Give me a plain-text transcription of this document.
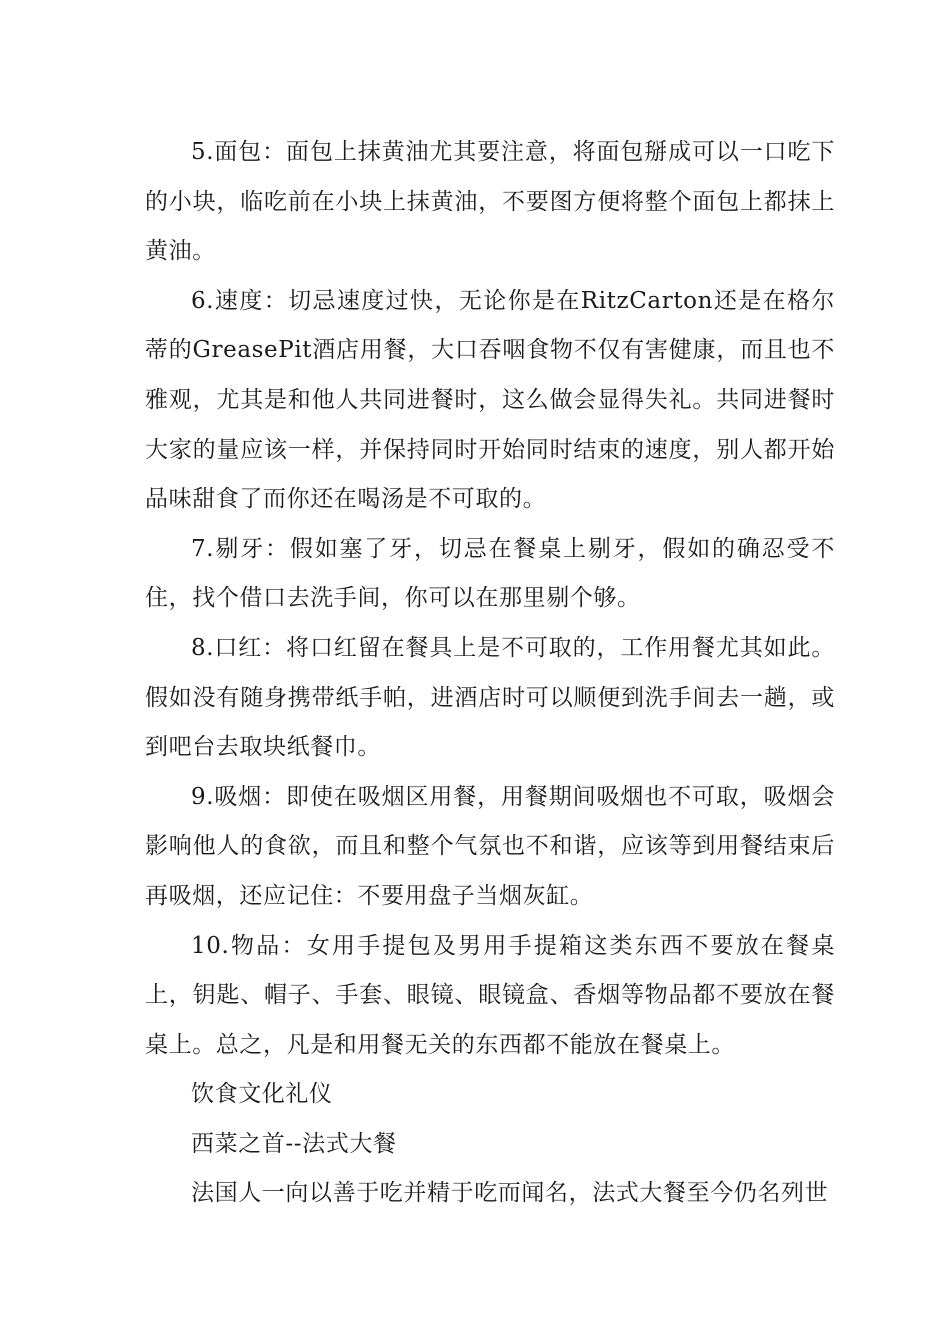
5.面包：面包上抹黄油尤其要注意，将面包掰成可以一口吃下的小块，临吃前在小块上抹黄油，不要图方便将整个面包上都抹上黄油。

6.速度：切忌速度过快，无论你是在RitzCarton还是在格尔蒂的GreasePit酒店用餐，大口吞咽食物不仅有害健康，而且也不雅观，尤其是和他人共同进餐时，这么做会显得失礼。共同进餐时大家的量应该一样，并保持同时开始同时结束的速度，别人都开始品味甜食了而你还在喝汤是不可取的。

7.剔牙：假如塞了牙，切忌在餐桌上剔牙，假如的确忍受不住，找个借口去洗手间，你可以在那里剔个够。

8.口红：将口红留在餐具上是不可取的，工作用餐尤其如此。假如没有随身携带纸手帕，进酒店时可以顺便到洗手间去一趟，或到吧台去取块纸餐巾。

9.吸烟：即使在吸烟区用餐，用餐期间吸烟也不可取，吸烟会影响他人的食欲，而且和整个气氛也不和谐，应该等到用餐结束后再吸烟，还应记住：不要用盘子当烟灰缸。

10.物品：女用手提包及男用手提箱这类东西不要放在餐桌上，钥匙、帽子、手套、眼镜、眼镜盒、香烟等物品都不要放在餐桌上。总之，凡是和用餐无关的东西都不能放在餐桌上。

饮食文化礼仪

西菜之首--法式大餐

法国人一向以善于吃并精于吃而闻名，法式大餐至今仍名列世
